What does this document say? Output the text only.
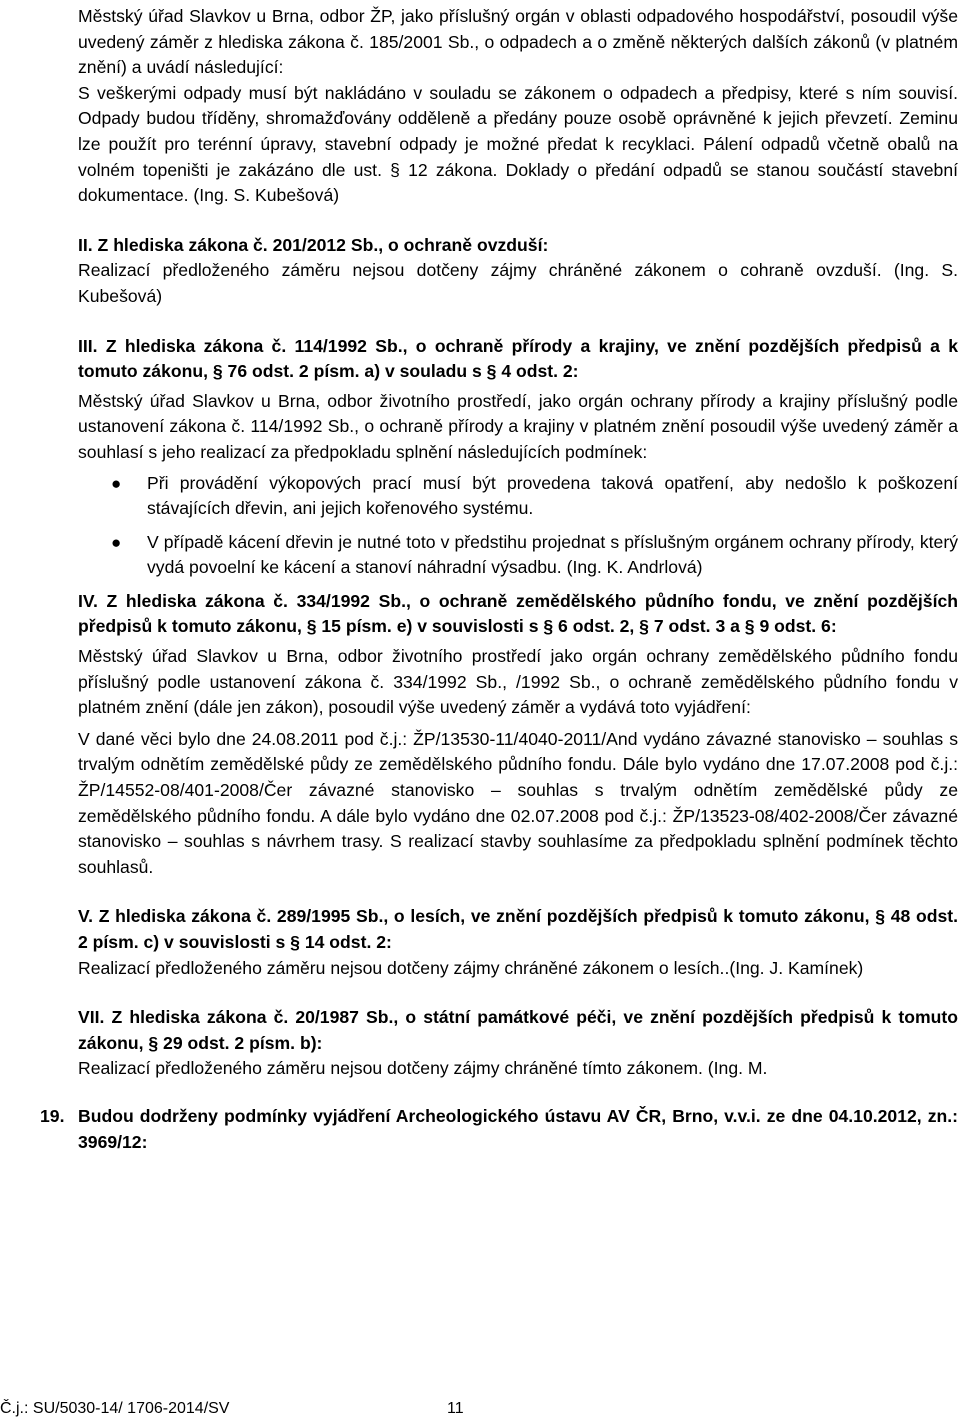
Městský úřad Slavkov u Brna, odbor ŽP, jako příslušný orgán v oblasti odpadového hospodářství, posoudil výše uvedený záměr z hlediska zákona č. 185/2001 Sb., o odpadech a o změně některých dalších zákonů (v platném znění) a uvádí následující:

S veškerými odpady musí být nakládáno v souladu se zákonem o odpadech a předpisy, které s ním souvisí. Odpady budou tříděny, shromažďovány odděleně a předány pouze osobě oprávněné k jejich převzetí. Zeminu lze použít pro terénní úpravy, stavební odpady je možné předat k recyklaci. Pálení odpadů včetně obalů na volném topeništi je zakázáno dle ust. § 12 zákona. Doklady o předání odpadů se stanou součástí stavební dokumentace. (Ing. S. Kubešová)

II. Z hlediska zákona č. 201/2012 Sb., o ochraně ovzduší:

Realizací předloženého záměru nejsou dotčeny zájmy chráněné zákonem o cohraně ovzduší. (Ing. S. Kubešová)

III. Z hlediska zákona č. 114/1992 Sb., o ochraně přírody a krajiny, ve znění pozdějších předpisů a k tomuto zákonu, § 76 odst. 2 písm. a) v souladu s § 4 odst. 2:

Městský úřad Slavkov u Brna, odbor životního prostředí, jako orgán ochrany přírody a krajiny příslušný podle ustanovení zákona č. 114/1992 Sb., o ochraně přírody a krajiny v platném znění posoudil výše uvedený záměr a souhlasí s jeho realizací za předpokladu splnění následujících podmínek:

● Při provádění výkopových prací musí být provedena taková opatření, aby nedošlo k poškození stávajících dřevin, ani jejich kořenového systému.
● V případě kácení dřevin je nutné toto v předstihu projednat s příslušným orgánem ochrany přírody, který vydá povoelní ke kácení a stanoví náhradní výsadbu. (Ing. K. Andrlová)

IV. Z hlediska zákona č. 334/1992 Sb., o ochraně zemědělského půdního fondu, ve znění pozdějších předpisů k tomuto zákonu, § 15 písm. e) v souvislosti s § 6 odst. 2, § 7 odst. 3 a § 9 odst. 6:

Městský úřad Slavkov u Brna, odbor životního prostředí jako orgán ochrany zemědělského půdního fondu příslušný podle ustanovení zákona č. 334/1992 Sb., /1992 Sb., o ochraně zemědělského půdního fondu v platném znění (dále jen zákon), posoudil výše uvedený záměr a vydává toto vyjádření:

V dané věci bylo dne 24.08.2011 pod č.j.: ŽP/13530-11/4040-2011/And vydáno závazné stanovisko – souhlas s trvalým odnětím zemědělské půdy ze zemědělského půdního fondu. Dále bylo vydáno dne 17.07.2008 pod č.j.: ŽP/14552-08/401-2008/Čer závazné stanovisko – souhlas s trvalým odnětím zemědělské půdy ze zemědělského půdního fondu. A dále bylo vydáno dne 02.07.2008 pod č.j.: ŽP/13523-08/402-2008/Čer závazné stanovisko – souhlas s návrhem trasy. S realizací stavby souhlasíme za předpokladu splnění podmínek těchto souhlasů.

V. Z hlediska zákona č. 289/1995 Sb., o lesích, ve znění pozdějších předpisů k tomuto zákonu, § 48 odst. 2 písm. c) v souvislosti s § 14 odst. 2:

Realizací předloženého záměru nejsou dotčeny zájmy chráněné zákonem o lesích..(Ing. J. Kamínek)

VII. Z hlediska zákona č. 20/1987 Sb., o státní památkové péči, ve znění pozdějších předpisů k tomuto zákonu, § 29 odst. 2 písm. b):

Realizací předloženého záměru nejsou dotčeny zájmy chráněné tímto zákonem. (Ing. M.

19. Budou dodrženy podmínky vyjádření Archeologického ústavu AV ČR, Brno, v.v.i. ze dne 04.10.2012, zn.: 3969/12:

Č.j.: SU/5030-14/ 1706-2014/SV	11
